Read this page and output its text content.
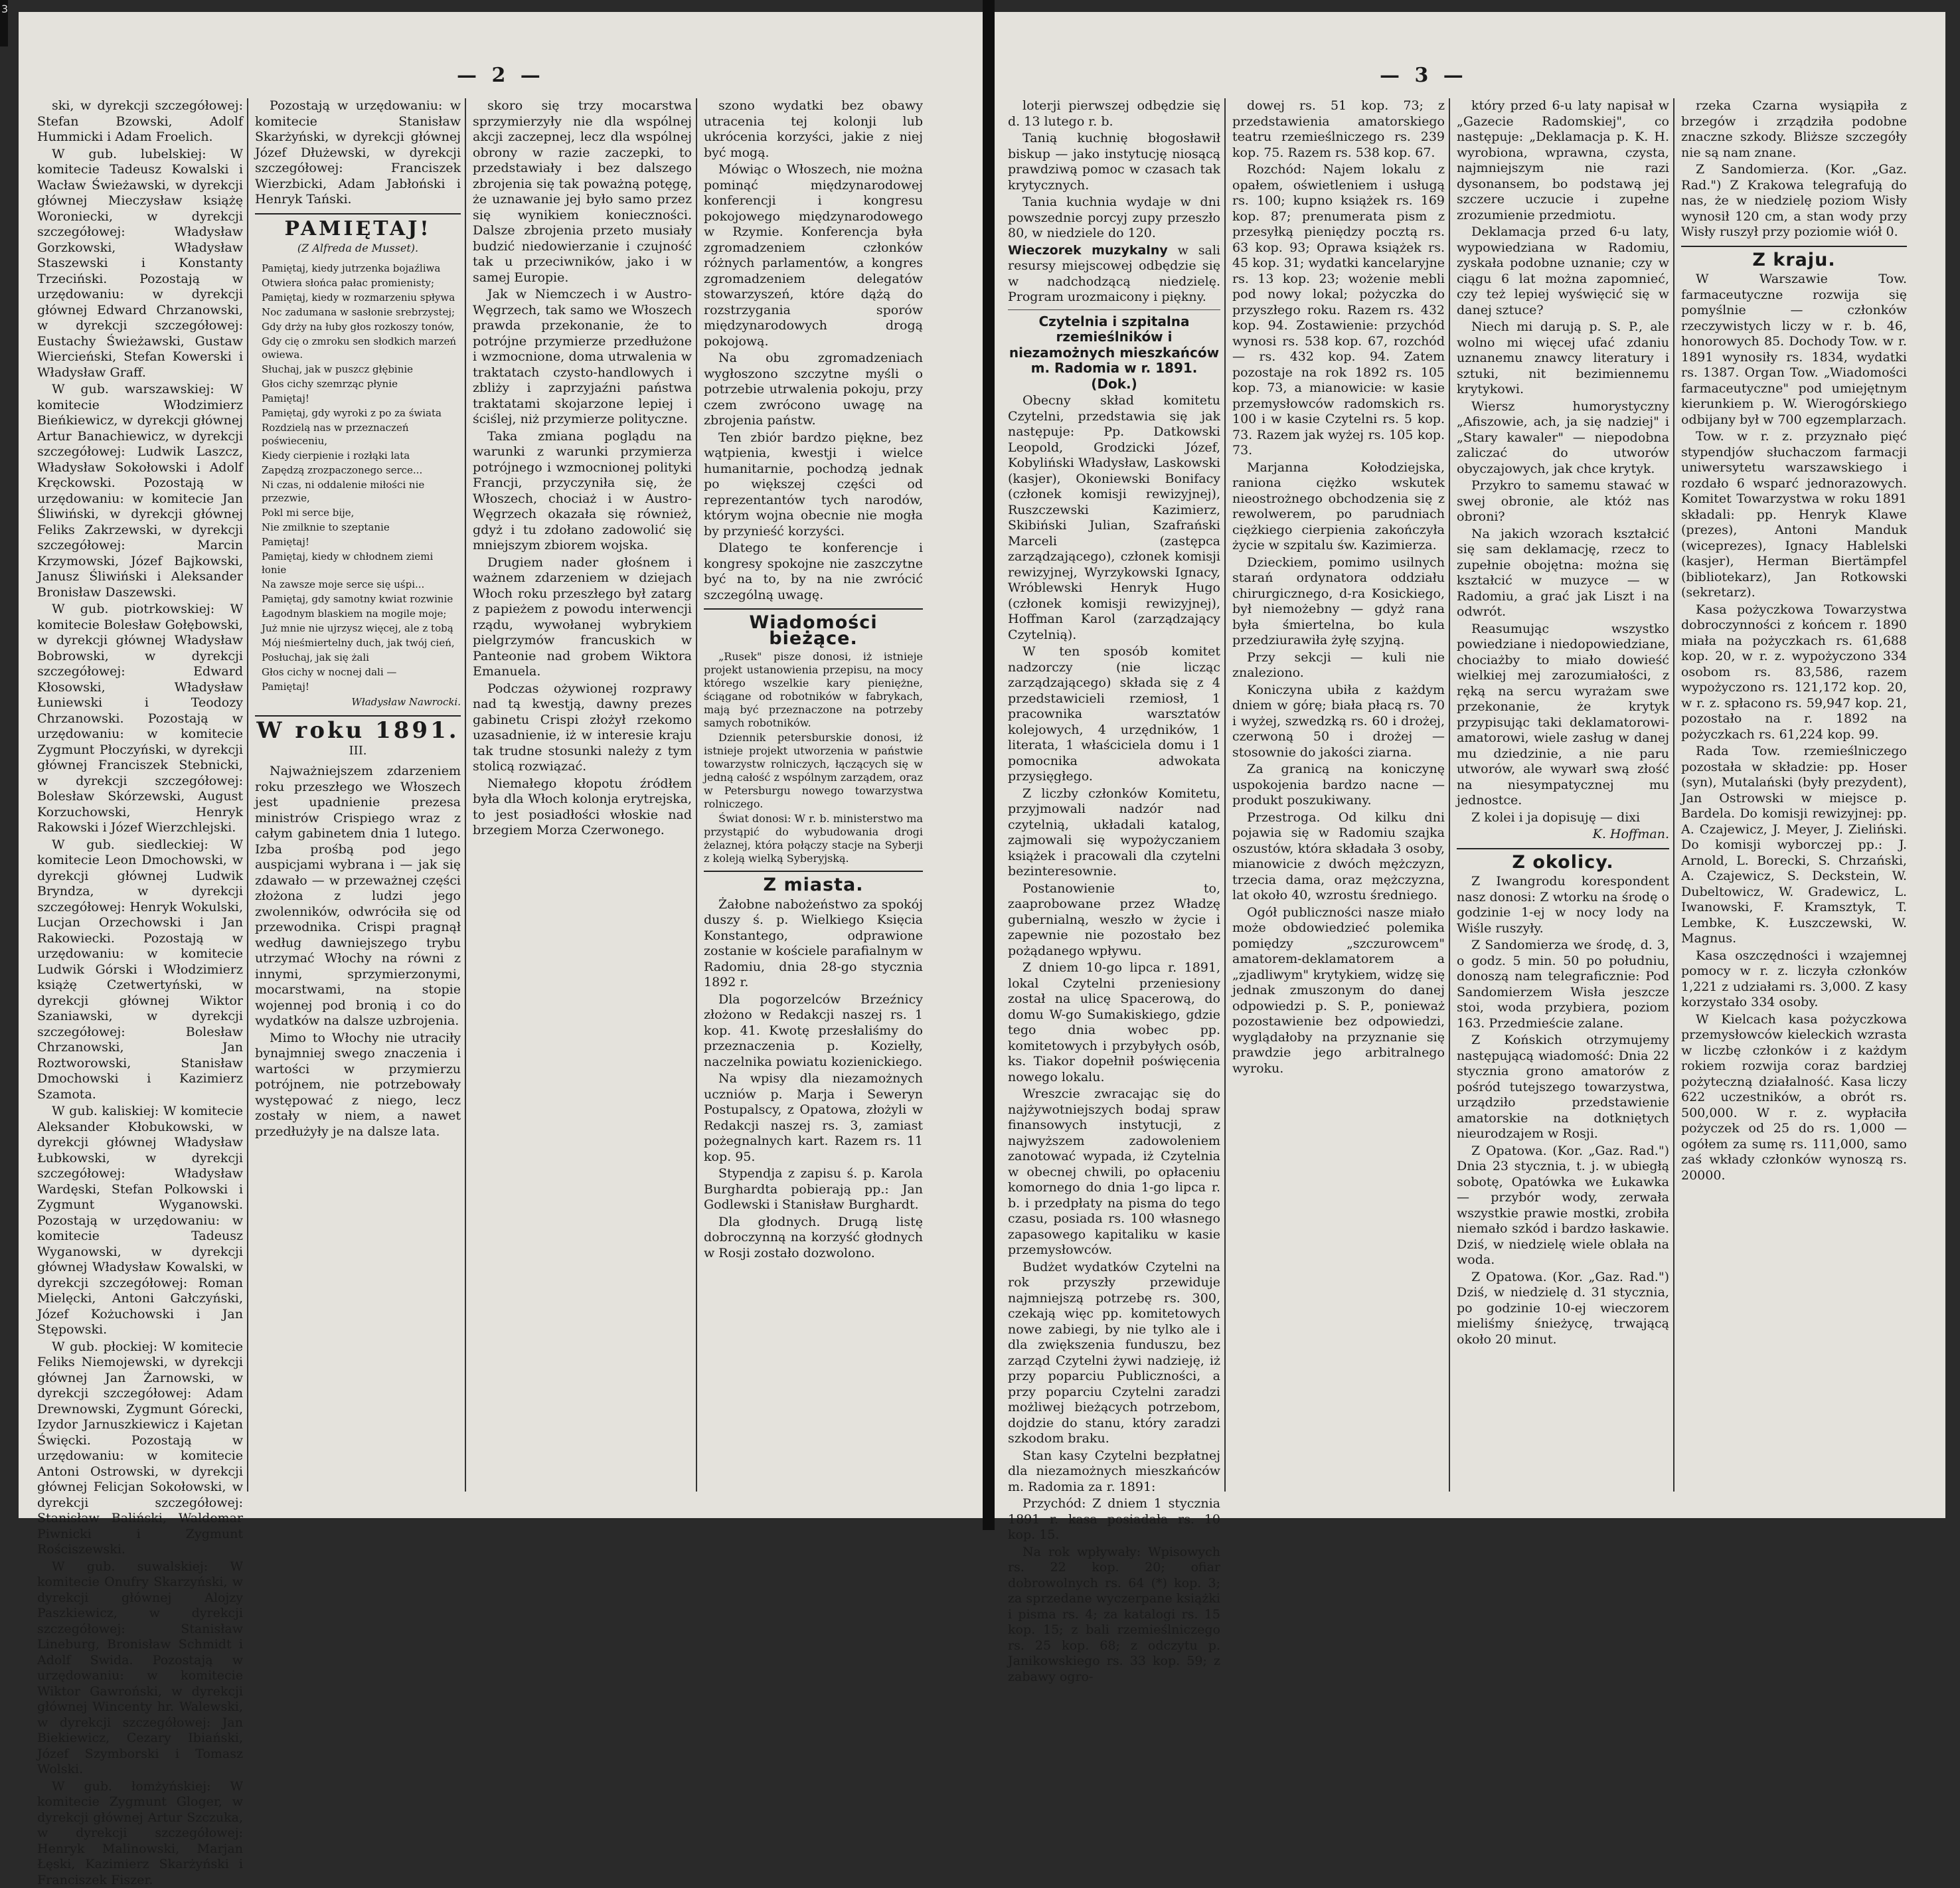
3
— 2 —

ski, w dyrekcji szczegółowej: Stefan Bzowski, Adolf Hummicki i Adam Froelich.

W gub. lubelskiej: W komitecie Tadeusz Kowalski i Wacław Świeżawski, w dyrekcji głównej Mieczysław książę Woroniecki, w dyrekcji szczegółowej: Władysław Gorzkowski, Władysław Staszewski i Konstanty Trzeciński. Pozostają w urzędowaniu: w dyrekcji głównej Edward Chrzanowski, w dyrekcji szczegółowej: Eustachy Świeżawski, Gustaw Wiercieński, Stefan Kowerski i Władysław Graff.

W gub. warszawskiej: W komitecie Włodzimierz Bieńkiewicz, w dyrekcji głównej Artur Banachiewicz, w dyrekcji szczegółowej: Ludwik Laszcz, Władysław Sokołowski i Adolf Kręckowski. Pozostają w urzędowaniu: w komitecie Jan Śliwiński, w dyrekcji głównej Feliks Zakrzewski, w dyrekcji szczegółowej: Marcin Krzymowski, Józef Bajkowski, Janusz Śliwiński i Aleksander Bronisław Daszewski.

W gub. piotrkowskiej: W komitecie Bolesław Gołębowski, w dyrekcji głównej Władysław Bobrowski, w dyrekcji szczegółowej: Edward Kłosowski, Władysław Łuniewski i Teodozy Chrzanowski. Pozostają w urzędowaniu: w komitecie Zygmunt Płoczyński, w dyrekcji głównej Franciszek Stebnicki, w dyrekcji szczegółowej: Bolesław Skórzewski, August Korzuchowski, Henryk Rakowski i Józef Wierzchlejski.

W gub. siedleckiej: W komitecie Leon Dmochowski, w dyrekcji głównej Ludwik Bryndza, w dyrekcji szczegółowej: Henryk Wokulski, Lucjan Orzechowski i Jan Rakowiecki. Pozostają w urzędowaniu: w komitecie Ludwik Górski i Włodzimierz książę Czetwertyński, w dyrekcji głównej Wiktor Szaniawski, w dyrekcji szczegółowej: Bolesław Chrzanowski, Jan Roztworowski, Stanisław Dmochowski i Kazimierz Szamota.

W gub. kaliskiej: W komitecie Aleksander Kłobukowski, w dyrekcji głównej Władysław Łubkowski, w dyrekcji szczegółowej: Władysław Wardęski, Stefan Polkowski i Zygmunt Wyganowski. Pozostają w urzędowaniu: w komitecie Tadeusz Wyganowski, w dyrekcji głównej Władysław Kowalski, w dyrekcji szczegółowej: Roman Mielęcki, Antoni Gałczyński, Józef Kożuchowski i Jan Stępowski.

W gub. płockiej: W komitecie Feliks Niemojewski, w dyrekcji głównej Jan Żarnowski, w dyrekcji szczegółowej: Adam Drewnowski, Zygmunt Górecki, Izydor Jarnuszkiewicz i Kajetan Święcki. Pozostają w urzędowaniu: w komitecie Antoni Ostrowski, w dyrekcji głównej Felicjan Sokołowski, w dyrekcji szczegółowej: Stanisław Baliński, Waldemar Piwnicki i Zygmunt Rościszewski.

W gub. suwalskiej: W komitecie Onufry Skarzyński, w dyrekcji głównej Alojzy Paszkiewicz, w dyrekcji szczegółowej: Stanisław Lineburg, Bronisław Schmidt i Adolf Swida. Pozostają w urzędowaniu: w komitecie Wiktor Gawroński, w dyrekcji głównej Wincenty hr. Walewski, w dyrekcji szczegółowej: Jan Biekiewicz, Cezary Ibiański, Józef Szymborski i Tomasz Wolski.

W gub. łomżyńskiej: W komitecie Zygmunt Gloger, w dyrekcji głównej Artur Szczuka, w dyrekcji szczegółowej: Henryk Malinowski, Marjan Łęski, Kazimierz Skarżyński i Franciszek Fiszer.

Pozostają w urzędowaniu: w komitecie Stanisław Skarżyński, w dyrekcji głównej Józef Dłużewski, w dyrekcji szczegółowej: Franciszek Wierzbicki, Adam Jabłoński i Henryk Tański.

PAMIĘTAJ!
(Z Alfreda de Musset).

Pamiętaj, kiedy jutrzenka bojaźliwa

Otwiera słońca pałac promienisty;

Pamiętaj, kiedy w rozmarzeniu spływa

Noc zadumana w sasłonie srebrzystej;

Gdy drży na łuby głos rozkoszy tonów,

Gdy cię o zmroku sen słodkich marzeń owiewa.

Słuchaj, jak w puszcz głębinie

Głos cichy szemrząc płynie

Pamiętaj!

Pamiętaj, gdy wyroki z po za świata

Rozdzielą nas w przeznaczeń poświeceniu,

Kiedy cierpienie i rozłąki lata

Zapędzą zrozpaczonego serce...

Ni czas, ni oddalenie miłości nie przezwie,

Pokl mi serce bije,

Nie zmilknie to szeptanie

Pamiętaj!

Pamiętaj, kiedy w chłodnem ziemi łonie

Na zawsze moje serce się uśpi...

Pamiętaj, gdy samotny kwiat rozwinie

Łagodnym blaskiem na mogile moje;

Już mnie nie ujrzysz więcej, ale z tobą

Mój nieśmiertelny duch, jak twój cień,

Posłuchaj, jak się żali

Głos cichy w nocnej dali —

Pamiętaj!

Władysław Nawrocki.
W roku 1891.
III.

Najważniejszem zdarzeniem roku przeszłego we Włoszech jest upadnienie prezesa ministrów Crispiego wraz z całym gabinetem dnia 1 lutego. Izba prośbą pod jego auspicjami wybrana i — jak się zdawało — w przeważnej części złożona z ludzi jego zwolenników, odwróciła się od przewodnika. Crispi pragnął według dawniejszego trybu utrzymać Włochy na równi z innymi, sprzymierzonymi, mocarstwami, na stopie wojennej pod bronią i co do wydatków na dalsze uzbrojenia.

Mimo to Włochy nie utraciły bynajmniej swego znaczenia i wartości w przymierzu potrójnem, nie potrzebowały występować z niego, lecz zostały w niem, a nawet przedłużyły je na dalsze lata.

skoro się trzy mocarstwa sprzymierzyły nie dla wspólnej akcji zaczepnej, lecz dla wspólnej obrony w razie zaczepki, to przedstawiały i bez dalszego zbrojenia się tak poważną potęgę, że uznawanie jej było samo przez się wynikiem konieczności. Dalsze zbrojenia przeto musiały budzić niedowierzanie i czujność tak u przeciwników, jako i w samej Europie.

Jak w Niemczech i w Austro-Węgrzech, tak samo we Włoszech prawda przekonanie, że to potrójne przymierze przedłużone i wzmocnione, doma utrwalenia w traktatach czysto-handlowych i zbliży i zaprzyjaźni państwa traktatami skojarzone lepiej i ściślej, niż przymierze polityczne.

Taka zmiana poglądu na warunki z warunki przymierza potrójnego i wzmocnionej polityki Francji, przyczyniła się, że Włoszech, chociaż i w Austro-Węgrzech okazała się również, gdyż i tu zdołano zadowolić się mniejszym zbiorem wojska.

Drugiem nader głośnem i ważnem zdarzeniem w dziejach Włoch roku przeszłego był zatarg z papieżem z powodu interwencji rządu, wywołanej wybrykiem pielgrzymów francuskich w Panteonie nad grobem Wiktora Emanuela.

Podczas ożywionej rozprawy nad tą kwestją, dawny prezes gabinetu Crispi złożył rzekomo uzasadnienie, iż w interesie kraju tak trudne stosunki należy z tym stolicą rozwiązać.

Niemałego kłopotu źródłem była dla Włoch kolonja erytrejska, to jest posiadłości włoskie nad brzegiem Morza Czerwonego.

szono wydatki bez obawy utracenia tej kolonji lub ukrócenia korzyści, jakie z niej być mogą.

Mówiąc o Włoszech, nie można pominąć międzynarodowej konferencji i kongresu pokojowego międzynarodowego w Rzymie. Konferencja była zgromadzeniem członków różnych parlamentów, a kongres zgromadzeniem delegatów stowarzyszeń, które dążą do rozstrzygania sporów międzynarodowych drogą pokojową.

Na obu zgromadzeniach wygłoszono szczytne myśli o potrzebie utrwalenia pokoju, przy czem zwrócono uwagę na zbrojenia państw.

Ten zbiór bardzo piękne, bez wątpienia, kwestji i wielce humanitarnie, pochodzą jednak po większej części od reprezentantów tych narodów, którym wojna obecnie nie mogła by przynieść korzyści.

Dlatego te konferencje i kongresy spokojne nie zaszczytne być na to, by na nie zwrócić szczególną uwagę.

Wiadomości bieżące.

„Rusek" pisze donosi, iż istnieje projekt ustanowienia przepisu, na mocy którego wszelkie kary pieniężne, ściągane od robotników w fabrykach, mają być przeznaczone na potrzeby samych robotników.

Dziennik petersburskie donosi, iż istnieje projekt utworzenia w państwie towarzystw rolniczych, łączących się w jedną całość z wspólnym zarządem, oraz w Petersburgu nowego towarzystwa rolniczego.

Świat donosi: W r. b. ministerstwo ma przystąpić do wybudowania drogi żelaznej, która połączy stacje na Syberji z koleją wielką Syberyjską.

Z miasta.

Żałobne nabożeństwo za spokój duszy ś. p. Wielkiego Księcia Konstantego, odprawione zostanie w kościele parafialnym w Radomiu, dnia 28-go stycznia 1892 r.

Dla pogorzelców Brzeźnicy złożono w Redakcji naszej rs. 1 kop. 41. Kwotę przesłaliśmy do przeznaczenia p. Kozielły, naczelnika powiatu kozienickiego.

Na wpisy dla niezamożnych uczniów p. Marja i Seweryn Postupalscy, z Opatowa, złożyli w Redakcji naszej rs. 3, zamiast pożegnalnych kart. Razem rs. 11 kop. 95.

Stypendja z zapisu ś. p. Karola Burghardta pobierają pp.: Jan Godlewski i Stanisław Burghardt.

Dla głodnych. Drugą listę dobroczynną na korzyść głodnych w Rosji zostało dozwolono.

— 3 —

loterji pierwszej odbędzie się d. 13 lutego r. b.

Tanią kuchnię błogosławił biskup — jako instytucję niosącą prawdziwą pomoc w czasach tak krytycznych.

Tania kuchnia wydaje w dni powszednie porcyj zupy przeszło 80, w niedziele do 120.

Wieczorek muzykalny w sali resursy miejscowej odbędzie się w nadchodzącą niedzielę. Program urozmaicony i piękny.

Czytelnia i szpitalna rzemieślników i niezamożnych mieszkańców m. Radomia w r. 1891. (Dok.)

Obecny skład komitetu Czytelni, przedstawia się jak następuje: Pp. Datkowski Leopold, Grodzicki Józef, Kobyliński Władysław, Laskowski (kasjer), Okoniewski Bonifacy (członek komisji rewizyjnej), Ruszczewski Kazimierz, Skibiński Julian, Szafrański Marceli (zastępca zarządzającego), członek komisji rewizyjnej, Wyrzykowski Ignacy, Wróblewski Henryk Hugo (członek komisji rewizyjnej), Hoffman Karol (zarządzający Czytelnią).

W ten sposób komitet nadzorczy (nie licząc zarządzającego) składa się z 4 przedstawicieli rzemiosł, 1 pracownika warsztatów kolejowych, 4 urzędników, 1 literata, 1 właściciela domu i 1 pomocnika adwokata przysięgłego.

Z liczby członków Komitetu, przyjmowali nadzór nad czytelnią, układali katalog, zajmowali się wypożyczaniem książek i pracowali dla czytelni bezinteresownie.

Postanowienie to, zaaprobowane przez Władzę gubernialną, weszło w życie i zapewnie nie pozostało bez pożądanego wpływu.

Z dniem 10-go lipca r. 1891, lokal Czytelni przeniesiony został na ulicę Spacerową, do domu W-go Sumakiskiego, gdzie tego dnia wobec pp. komitetowych i przybyłych osób, ks. Tiakor dopełnił poświęcenia nowego lokalu.

Wreszcie zwracając się do najżywotniejszych bodaj spraw finansowych instytucji, z najwyższem zadowoleniem zanotować wypada, iż Czytelnia w obecnej chwili, po opłaceniu komornego do dnia 1-go lipca r. b. i przedpłaty na pisma do tego czasu, posiada rs. 100 własnego zapasowego kapitaliku w kasie przemysłowców.

Budżet wydatków Czytelni na rok przyszły przewiduje najmniejszą potrzebę rs. 300, czekają więc pp. komitetowych nowe zabiegi, by nie tylko ale i dla zwiększenia funduszu, bez zarząd Czytelni żywi nadzieję, iż przy poparciu Publiczności, a przy poparciu Czytelni zaradzi możliwej bieżących potrzebom, dojdzie do stanu, który zaradzi szkodom braku.

Stan kasy Czytelni bezpłatnej dla niezamożnych mieszkańców m. Radomia za r. 1891:

Przychód: Z dniem 1 stycznia 1891 r. kasa posiadała rs. 10 kop. 15.

Na rok wpływały: Wpisowych rs. 22 kop. 20; ofiar dobrowolnych rs. 64 (*) kop. 3; za sprzedane wyczerpane książki i pisma rs. 4; za katalogi rs. 15 kop. 15; z bali rzemieślniczego rs. 25 kop. 68; z odczytu p. Janikowskiego rs. 33 kop. 59; z zabawy ogro-

dowej rs. 51 kop. 73; z przedstawienia amatorskiego teatru rzemieślniczego rs. 239 kop. 75. Razem rs. 538 kop. 67.

Rozchód: Najem lokalu z opałem, oświetleniem i usługą rs. 100; kupno książek rs. 169 kop. 87; prenumerata pism z przesyłką pieniędzy pocztą rs. 63 kop. 93; Oprawa książek rs. 45 kop. 31; wydatki kancelaryjne rs. 13 kop. 23; wożenie mebli pod nowy lokal; pożyczka do przyszłego roku. Razem rs. 432 kop. 94. Zostawienie: przychód wynosi rs. 538 kop. 67, rozchód — rs. 432 kop. 94. Zatem pozostaje na rok 1892 rs. 105 kop. 73, a mianowicie: w kasie przemysłowców radomskich rs. 100 i w kasie Czytelni rs. 5 kop. 73. Razem jak wyżej rs. 105 kop. 73.

Marjanna Kołodziejska, raniona ciężko wskutek nieostrożnego obchodzenia się z rewolwerem, po parudniach ciężkiego cierpienia zakończyła życie w szpitalu św. Kazimierza.

Dzieckiem, pomimo usilnych starań ordynatora oddziału chirurgicznego, d-ra Kosickiego, był niemożebny — gdyż rana była śmiertelna, bo kula przedziurawiła żyłę szyjną.

Przy sekcji — kuli nie znaleziono.

Koniczyna ubiła z każdym dniem w górę; biała płacą rs. 70 i wyżej, szwedzką rs. 60 i drożej, czerwoną 50 i drożej — stosownie do jakości ziarna.

Za granicą na koniczynę uspokojenia bardzo nacne — produkt poszukiwany.

Przestroga. Od kilku dni pojawia się w Radomiu szajka oszustów, która składała 3 osoby, mianowicie z dwóch mężczyzn, trzecia dama, oraz mężczyzna, lat około 40, wzrostu średniego.

Ogół publiczności nasze miało może obdowiedzieć polemika pomiędzy „szczurowcem" amatorem-deklamatorem a „zjadliwym" krytykiem, widzę się jednak zmuszonym do danej odpowiedzi p. S. P., ponieważ pozostawienie bez odpowiedzi, wyglądałoby na przyznanie się prawdzie jego arbitralnego wyroku.

który przed 6-u laty napisał w „Gazecie Radomskiej", co następuje: „Deklamacja p. K. H. wyrobiona, wprawna, czysta, najmniejszym nie razi dysonansem, bo podstawą jej szczere uczucie i zupełne zrozumienie przedmiotu.

Deklamacja przed 6-u laty, wypowiedziana w Radomiu, zyskała podobne uznanie; czy w ciągu 6 lat można zapomnieć, czy też lepiej wyświęcić się w danej sztuce?

Niech mi darują p. S. P., ale wolno mi więcej ufać zdaniu uznanemu znawcy literatury i sztuki, nit bezimiennemu krytykowi.

Wiersz humorystyczny „Afiszowie, ach, ja się nadziej" i „Stary kawaler" — niepodobna zaliczać do utworów obyczajowych, jak chce krytyk.

Przykro to samemu stawać w swej obronie, ale któż nas obroni?

Na jakich wzorach kształcić się sam deklamację, rzecz to zupełnie obojętna: można się kształcić w muzyce — w Radomiu, a grać jak Liszt i na odwrót.

Reasumując wszystko powiedziane i niedopowiedziane, chociażby to miało dowieść wielkiej mej zarozumiałości, z ręką na sercu wyrażam swe przekonanie, że krytyk przypisując taki deklamatorowi-amatorowi, wiele zasług w danej mu dziedzinie, a nie paru utworów, ale wywarł swą złość na niesympatycznej mu jednostce.

Z kolei i ja dopisuję — dixi

K. Hoffman.
Z okolicy.

Z Iwangrodu korespondent nasz donosi: Z wtorku na środę o godzinie 1-ej w nocy lody na Wiśle ruszyły.

Z Sandomierza we środę, d. 3, o godz. 5 min. 50 po południu, donoszą nam telegraficznie: Pod Sandomierzem Wisła jeszcze stoi, woda przybiera, poziom 163. Przedmieście zalane.

Z Końskich otrzymujemy następującą wiadomość: Dnia 22 stycznia grono amatorów z pośród tutejszego towarzystwa, urządziło przedstawienie amatorskie na dotkniętych nieurodzajem w Rosji.

Z Opatowa. (Kor. „Gaz. Rad.") Dnia 23 stycznia, t. j. w ubiegłą sobotę, Opatówka we Łukawka — przybór wody, zerwała wszystkie prawie mostki, zrobiła niemało szkód i bardzo łaskawie. Dziś, w niedzielę wiele oblała na woda.

Z Opatowa. (Kor. „Gaz. Rad.") Dziś, w niedzielę d. 31 stycznia, po godzinie 10-ej wieczorem mieliśmy śnieżycę, trwającą około 20 minut.

rzeka Czarna wysiąpiła z brzegów i zrządziła podobne znaczne szkody. Bliższe szczegóły nie są nam znane.

Z Sandomierza. (Kor. „Gaz. Rad.") Z Krakowa telegrafują do nas, że w niedzielę poziom Wisły wynosił 120 cm, a stan wody przy Wisły ruszył przy poziomie wiół 0.

Z kraju.

W Warszawie Tow. farmaceutyczne rozwija się pomyślnie — członków rzeczywistych liczy w r. b. 46, honorowych 85. Dochody Tow. w r. 1891 wynosiły rs. 1834, wydatki rs. 1387. Organ Tow. „Wiadomości farmaceutyczne" pod umiejętnym kierunkiem p. W. Wierogórskiego odbijany był w 700 egzemplarzach.

Tow. w r. z. przyznało pięć stypendjów słuchaczom farmacji uniwersytetu warszawskiego i rozdało 6 wsparć jednorazowych. Komitet Towarzystwa w roku 1891 składali: pp. Henryk Klawe (prezes), Antoni Manduk (wiceprezes), Ignacy Hablelski (kasjer), Herman Biertämpfel (bibliotekarz), Jan Rotkowski (sekretarz).

Kasa pożyczkowa Towarzystwa dobroczynności z końcem r. 1890 miała na pożyczkach rs. 61,688 kop. 20, w r. z. wypożyczono 334 osobom rs. 83,586, razem wypożyczono rs. 121,172 kop. 20, w r. z. spłacono rs. 59,947 kop. 21, pozostało na r. 1892 na pożyczkach rs. 61,224 kop. 99.

Rada Tow. rzemieślniczego pozostała w składzie: pp. Hoser (syn), Mutalański (były prezydent), Jan Ostrowski w miejsce p. Bardela. Do komisji rewizyjnej: pp. A. Czajewicz, J. Meyer, J. Zieliński. Do komisji wyborczej pp.: J. Arnold, L. Borecki, S. Chrzański, A. Czajewicz, S. Deckstein, W. Dubeltowicz, W. Gradewicz, L. Iwanowski, F. Kramsztyk, T. Lembke, K. Łuszczewski, W. Magnus.

Kasa oszczędności i wzajemnej pomocy w r. z. liczyła członków 1,221 z udziałami rs. 3,000. Z kasy korzystało 334 osoby.

W Kielcach kasa pożyczkowa przemysłowców kieleckich wzrasta w liczbę członków i z każdym rokiem rozwija coraz bardziej pożyteczną działalność. Kasa liczy 622 uczestników, a obrót rs. 500,000. W r. z. wypłaciła pożyczek od 25 do rs. 1,000 — ogółem za sumę rs. 111,000, samo zaś wkłady członków wynoszą rs. 20000.
